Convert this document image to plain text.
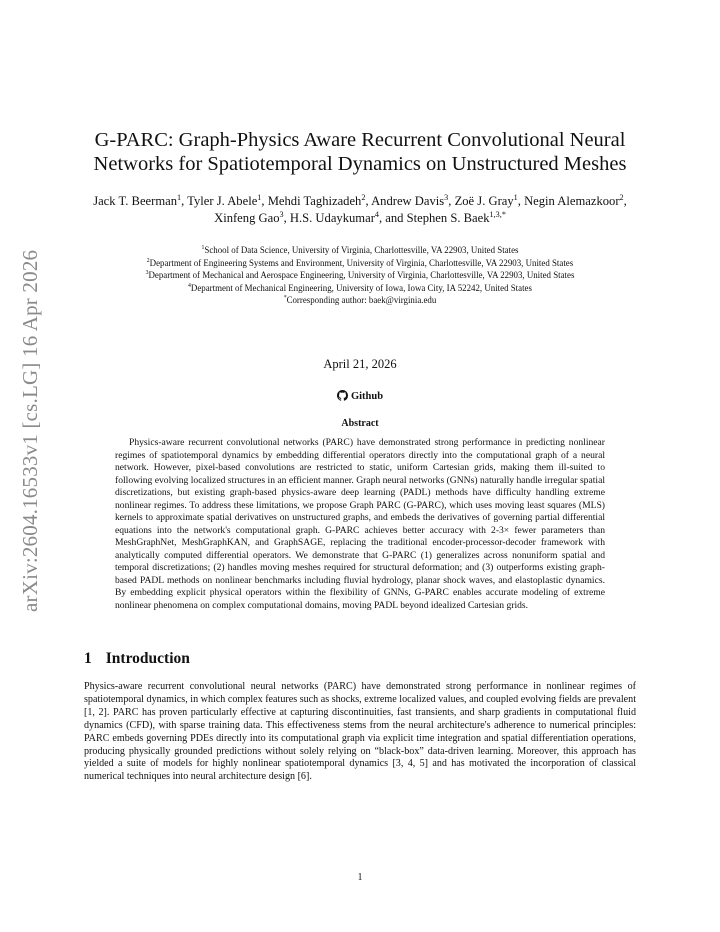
arXiv:2604.16533v1 [cs.LG] 16 Apr 2026
G-PARC: Graph-Physics Aware Recurrent Convolutional Neural Networks for Spatiotemporal Dynamics on Unstructured Meshes
Jack T. Beerman$^1$, Tyler J. Abele$^1$, Mehdi Taghizadeh$^2$, Andrew Davis$^3$, Zoë J. Gray$^1$, Negin Alemazkoor$^2$, Xinfeng Gao$^3$, H.S. Udaykumar$^4$, and Stephen S. Baek$^{1,3,*}$
$^1$School of Data Science, University of Virginia, Charlottesville, VA 22903, United States
$^2$Department of Engineering Systems and Environment, University of Virginia, Charlottesville, VA 22903, United States
$^3$Department of Mechanical and Aerospace Engineering, University of Virginia, Charlottesville, VA 22903, United States
$^4$Department of Mechanical Engineering, University of Iowa, Iowa City, IA 52242, United States
*Corresponding author: baek@virginia.edu
April 21, 2026
Github
Abstract

Physics-aware recurrent convolutional networks (PARC) have demonstrated strong performance in predicting nonlinear regimes of spatiotemporal dynamics by embedding differential operators directly into the computational graph of a neural network. However, pixel-based convolutions are restricted to static, uniform Cartesian grids, making them ill-suited to following evolving localized structures in an efficient manner. Graph neural networks (GNNs) naturally handle irregular spatial discretizations, but existing graph-based physics-aware deep learning (PADL) methods have difficulty handling extreme nonlinear regimes. To address these limitations, we propose Graph PARC (G-PARC), which uses moving least squares (MLS) kernels to approximate spatial derivatives on unstructured graphs, and embeds the derivatives of governing partial differential equations into the network's computational graph. G-PARC achieves better accuracy with 2-3× fewer parameters than MeshGraphNet, MeshGraphKAN, and GraphSAGE, replacing the traditional encoder-processor-decoder framework with analytically computed differential operators. We demonstrate that G-PARC (1) generalizes across nonuniform spatial and temporal discretizations; (2) handles moving meshes required for structural deformation; and (3) outperforms existing graph-based PADL methods on nonlinear benchmarks including fluvial hydrology, planar shock waves, and elastoplastic dynamics. By embedding explicit physical operators within the flexibility of GNNs, G-PARC enables accurate modeling of extreme nonlinear phenomena on complex computational domains, moving PADL beyond idealized Cartesian grids.

1 Introduction

Physics-aware recurrent convolutional neural networks (PARC) have demonstrated strong performance in nonlinear regimes of spatiotemporal dynamics, in which complex features such as shocks, extreme localized values, and coupled evolving fields are prevalent [1, 2]. PARC has proven particularly effective at capturing discontinuities, fast transients, and sharp gradients in computational fluid dynamics (CFD), with sparse training data. This effectiveness stems from the neural architecture's adherence to numerical principles: PARC embeds governing PDEs directly into its computational graph via explicit time integration and spatial differentiation operations, producing physically grounded predictions without solely relying on “black-box” data-driven learning. Moreover, this approach has yielded a suite of models for highly nonlinear spatiotemporal dynamics [3, 4, 5] and has motivated the incorporation of classical numerical techniques into neural architecture design [6].

1
